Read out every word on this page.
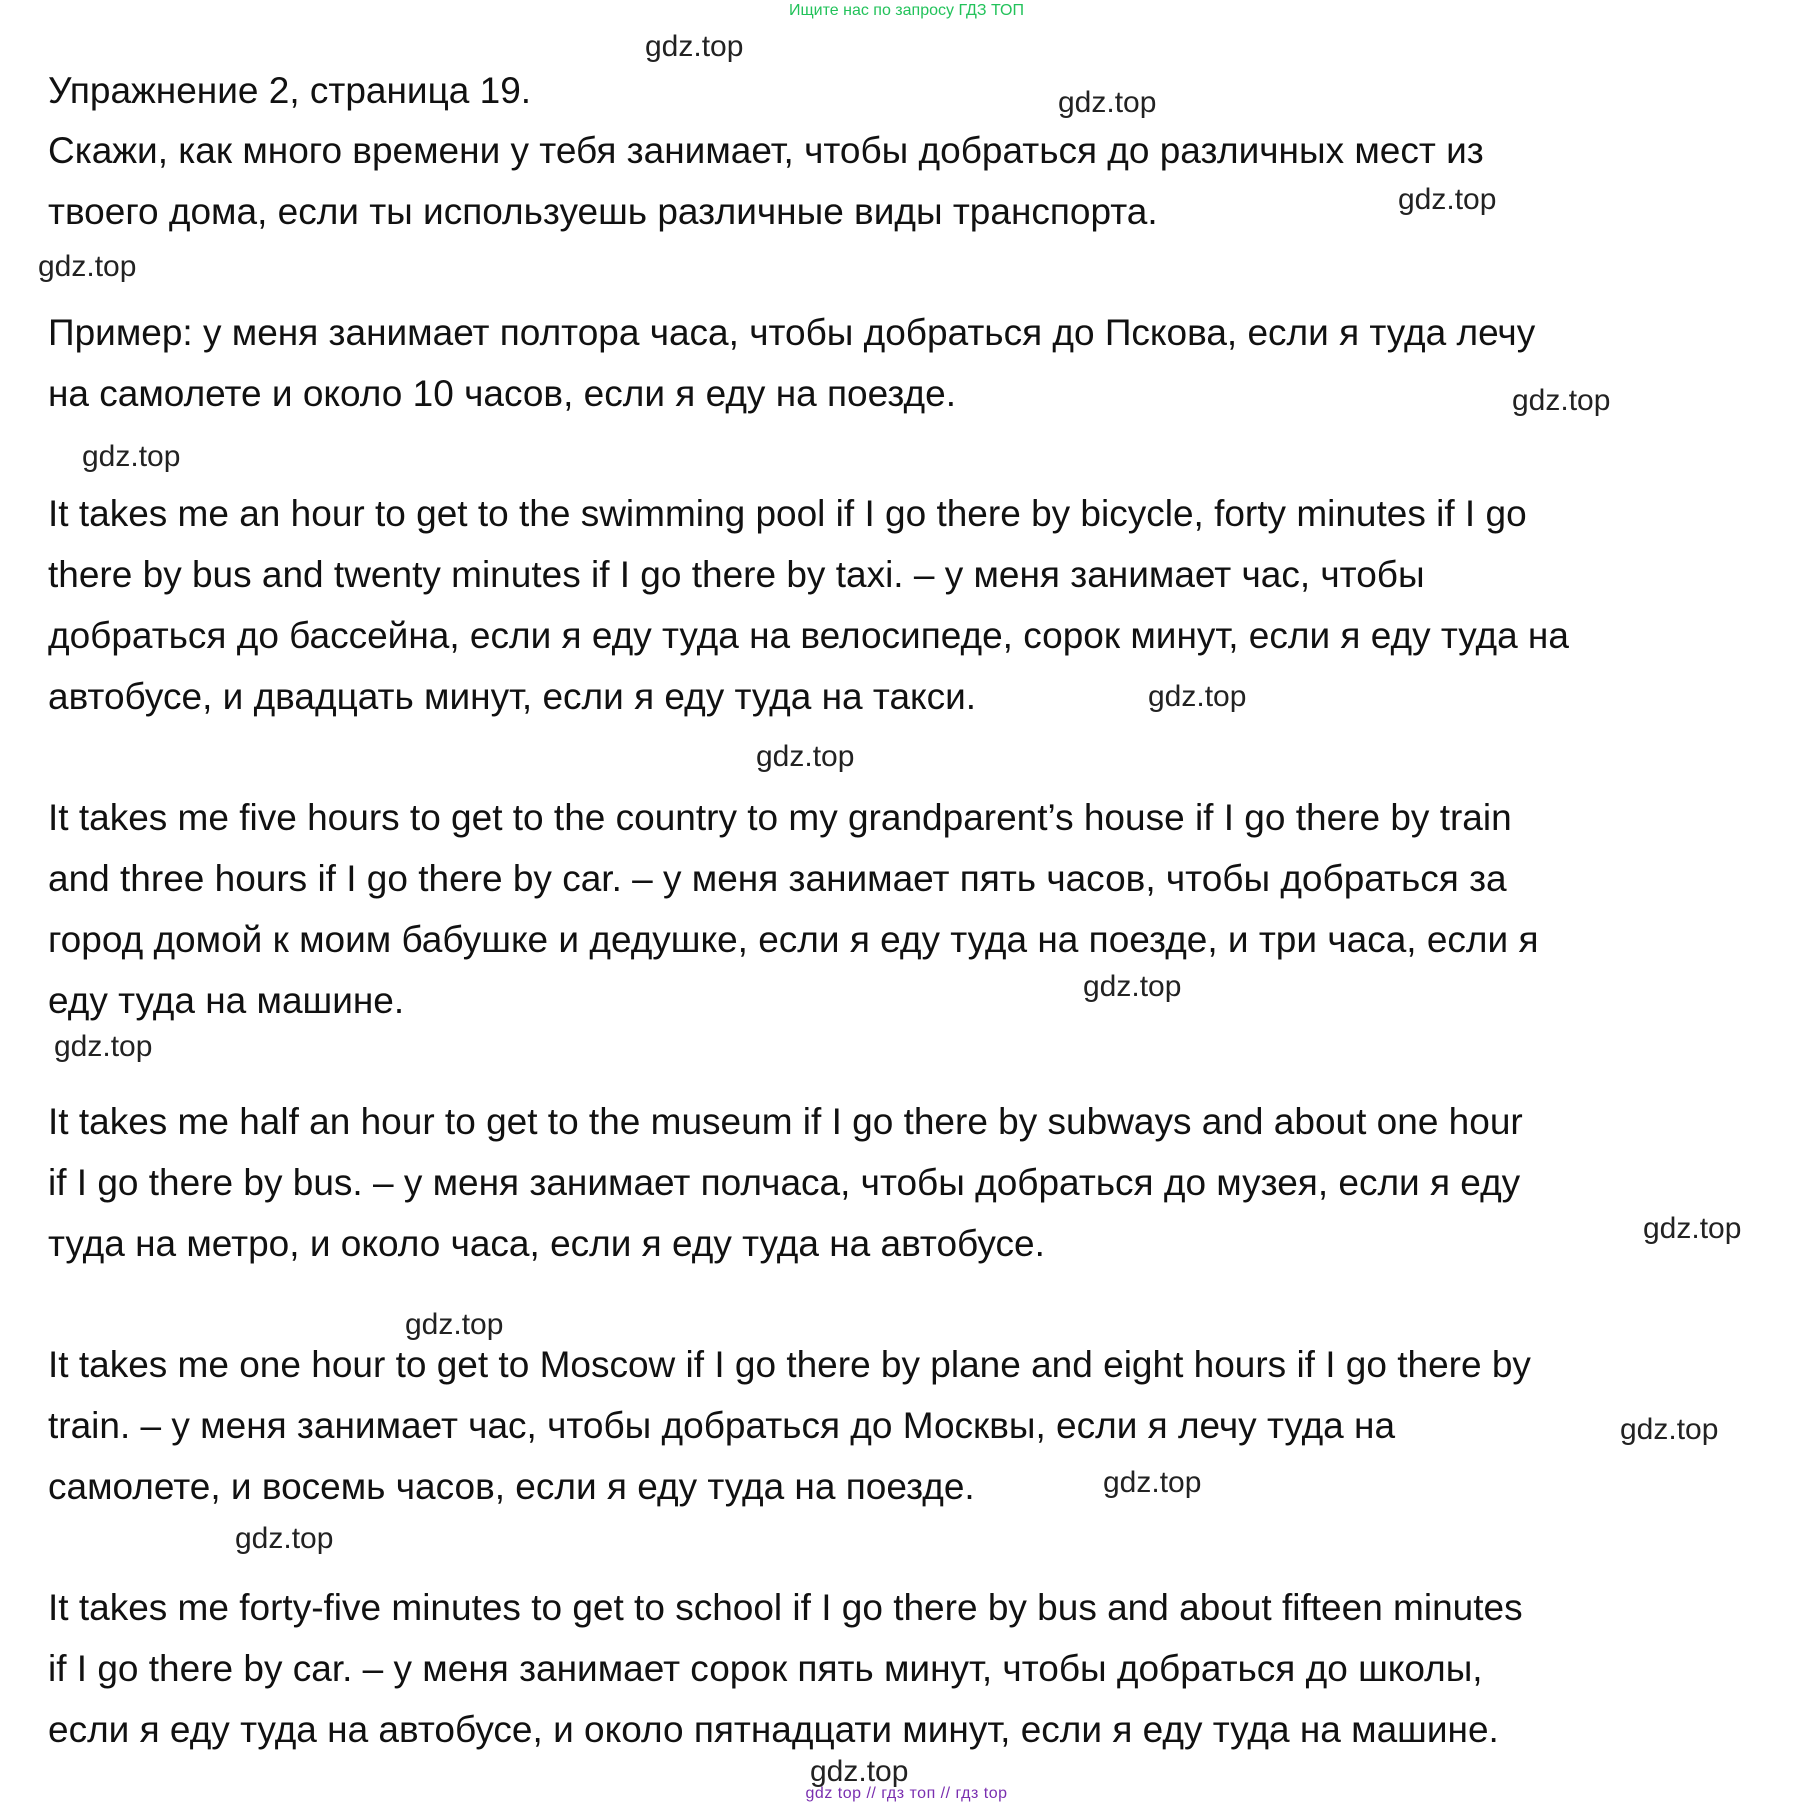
Ищите нас по запросу ГДЗ ТОП
Упражнение 2, страница 19.
Скажи, как много времени у тебя занимает, чтобы добраться до различных мест из
твоего дома, если ты используешь различные виды транспорта.
Пример: у меня занимает полтора часа, чтобы добраться до Пскова, если я туда лечу
на самолете и около 10 часов, если я еду на поезде.
It takes me an hour to get to the swimming pool if I go there by bicycle, forty minutes if I go
there by bus and twenty minutes if I go there by taxi. – у меня занимает час, чтобы
добраться до бассейна, если я еду туда на велосипеде, сорок минут, если я еду туда на
автобусе, и двадцать минут, если я еду туда на такси.
It takes me five hours to get to the country to my grandparent’s house if I go there by train
and three hours if I go there by car. – у меня занимает пять часов, чтобы добраться за
город домой к моим бабушке и дедушке, если я еду туда на поезде, и три часа, если я
еду туда на машине.
It takes me half an hour to get to the museum if I go there by subways and about one hour
if I go there by bus. – у меня занимает полчаса, чтобы добраться до музея, если я еду
туда на метро, и около часа, если я еду туда на автобусе.
It takes me one hour to get to Moscow if I go there by plane and eight hours if I go there by
train. – у меня занимает час, чтобы добраться до Москвы, если я лечу туда на
самолете, и восемь часов, если я еду туда на поезде.
It takes me forty-five minutes to get to school if I go there by bus and about fifteen minutes
if I go there by car. – у меня занимает сорок пять минут, чтобы добраться до школы,
если я еду туда на автобусе, и около пятнадцати минут, если я еду туда на машине.
gdz.top
gdz.top
gdz.top
gdz.top
gdz.top
gdz.top
gdz.top
gdz.top
gdz.top
gdz.top
gdz.top
gdz.top
gdz.top
gdz.top
gdz.top
gdz.top
gdz top // гдз топ // гдз top
